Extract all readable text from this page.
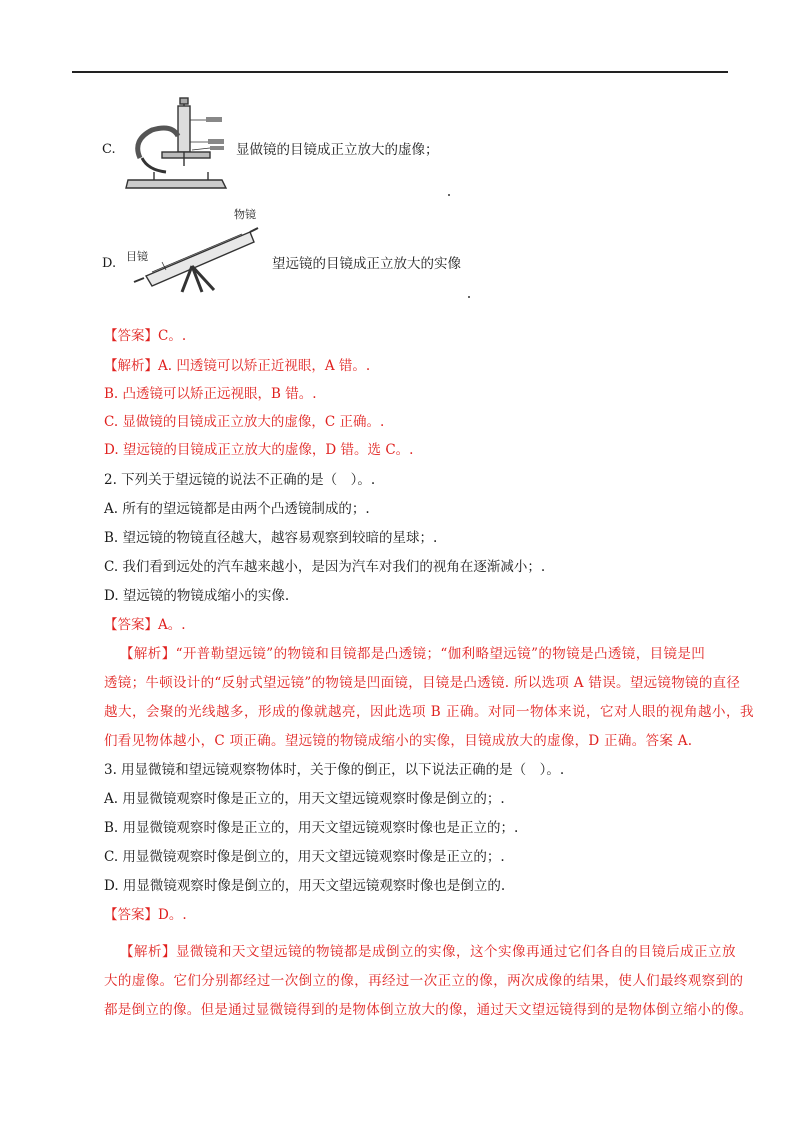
C.	显做镜的目镜成正立放大的虚像；
D.
物镜
目镜	望远镜的目镜成正立放大的实像
【答案】C。.
【解析】A. 凹透镜可以矫正近视眼，A 错。.
B. 凸透镜可以矫正远视眼，B 错。.
C. 显做镜的目镜成正立放大的虚像，C 正确。.
D. 望远镜的目镜成正立放大的虚像，D 错。选 C。.
2. 下列关于望远镜的说法不正确的是（　）。.
A. 所有的望远镜都是由两个凸透镜制成的；.
B. 望远镜的物镜直径越大，越容易观察到较暗的星球；.
C. 我们看到远处的汽车越来越小，是因为汽车对我们的视角在逐渐减小；.
D. 望远镜的物镜成缩小的实像.
【答案】A。.
【解析】“开普勒望远镜”的物镜和目镜都是凸透镜；“伽利略望远镜”的物镜是凸透镜，目镜是凹
透镜；牛顿设计的“反射式望远镜”的物镜是凹面镜，目镜是凸透镜. 所以选项 A 错误。望远镜物镜的直径
越大，会聚的光线越多，形成的像就越亮，因此选项 B 正确。对同一物体来说，它对人眼的视角越小，我
们看见物体越小，C 项正确。望远镜的物镜成缩小的实像，目镜成放大的虚像，D 正确。答案 A.
3. 用显微镜和望远镜观察物体时，关于像的倒正，以下说法正确的是（　）。.
A. 用显微镜观察时像是正立的，用天文望远镜观察时像是倒立的；.
B. 用显微镜观察时像是正立的，用天文望远镜观察时像也是正立的；.
C. 用显微镜观察时像是倒立的，用天文望远镜观察时像是正立的；.
D. 用显微镜观察时像是倒立的，用天文望远镜观察时像也是倒立的.
【答案】D。.
【解析】显微镜和天文望远镜的物镜都是成倒立的实像，这个实像再通过它们各自的目镜后成正立放
大的虚像。它们分别都经过一次倒立的像，再经过一次正立的像，两次成像的结果，使人们最终观察到的
都是倒立的像。但是通过显微镜得到的是物体倒立放大的像，通过天文望远镜得到的是物体倒立缩小的像。
